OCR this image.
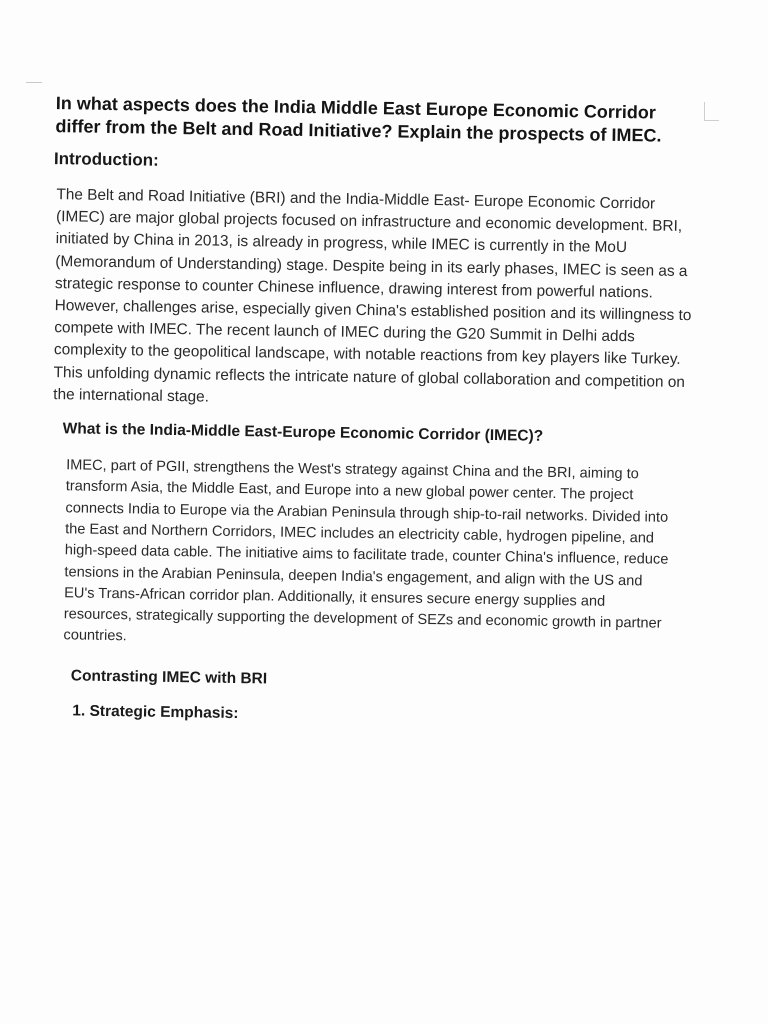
In what aspects does the India Middle East Europe Economic Corridor differ from the Belt and Road Initiative? Explain the prospects of IMEC.
Introduction:
The Belt and Road Initiative (BRI) and the India-Middle East- Europe Economic Corridor (IMEC) are major global projects focused on infrastructure and economic development. BRI, initiated by China in 2013, is already in progress, while IMEC is currently in the MoU (Memorandum of Understanding) stage. Despite being in its early phases, IMEC is seen as a strategic response to counter Chinese influence, drawing interest from powerful nations. However, challenges arise, especially given China's established position and its willingness to compete with IMEC. The recent launch of IMEC during the G20 Summit in Delhi adds complexity to the geopolitical landscape, with notable reactions from key players like Turkey. This unfolding dynamic reflects the intricate nature of global collaboration and competition on the international stage.
What is the India-Middle East-Europe Economic Corridor (IMEC)?
IMEC, part of PGII, strengthens the West's strategy against China and the BRI, aiming to transform Asia, the Middle East, and Europe into a new global power center. The project connects India to Europe via the Arabian Peninsula through ship-to-rail networks. Divided into the East and Northern Corridors, IMEC includes an electricity cable, hydrogen pipeline, and high-speed data cable. The initiative aims to facilitate trade, counter China's influence, reduce tensions in the Arabian Peninsula, deepen India's engagement, and align with the US and EU's Trans-African corridor plan. Additionally, it ensures secure energy supplies and resources, strategically supporting the development of SEZs and economic growth in partner countries.
Contrasting IMEC with BRI
1. Strategic Emphasis:
